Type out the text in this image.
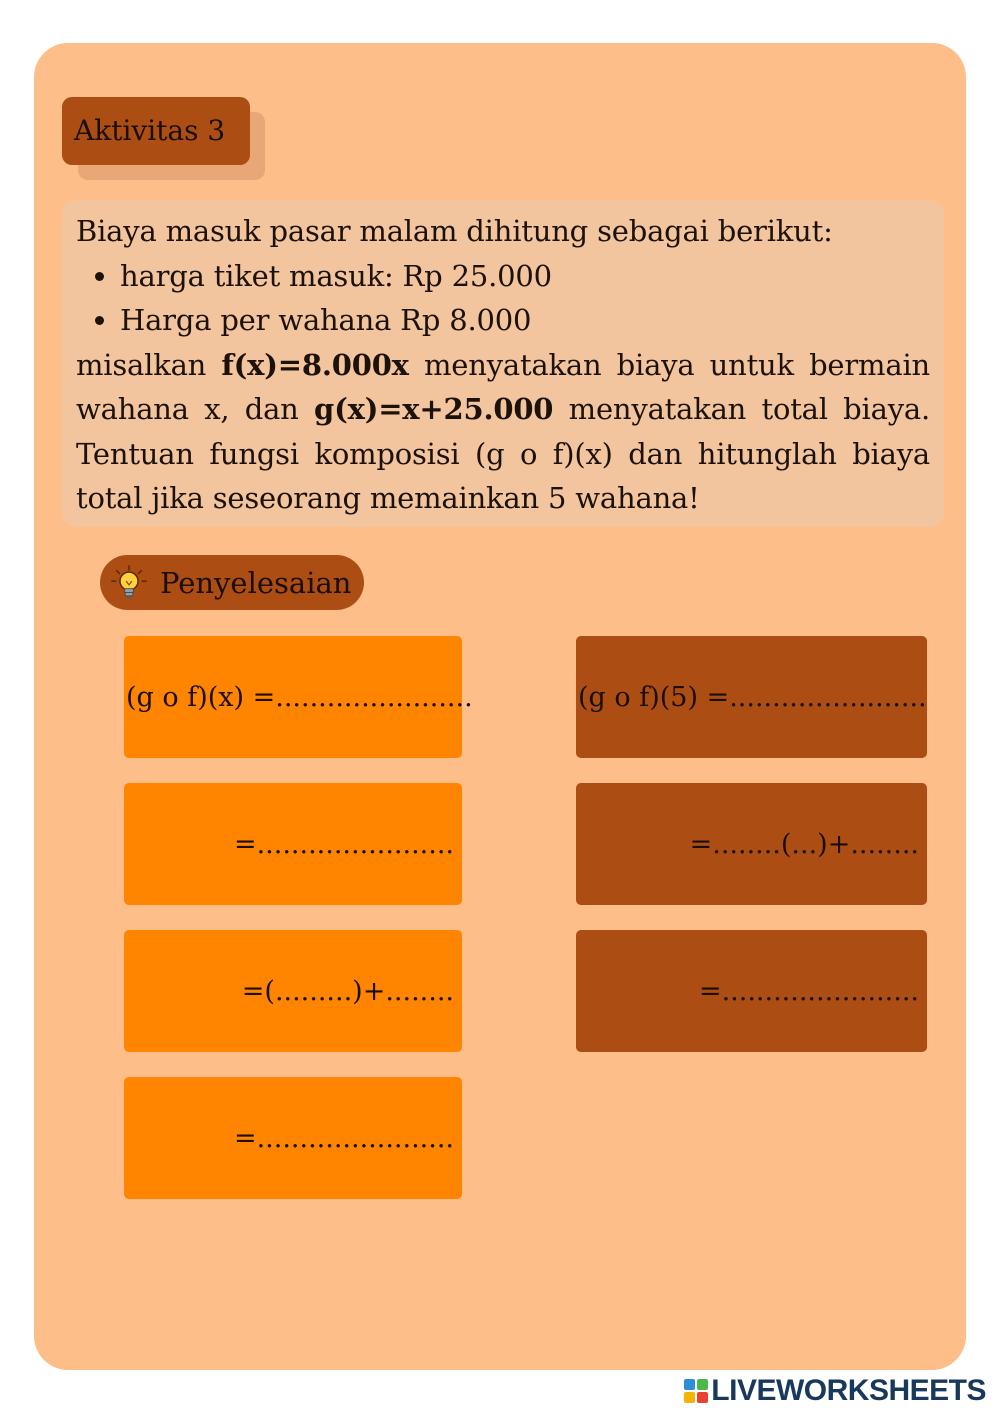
Aktivitas 3
Biaya masuk pasar malam dihitung sebagai berikut:
• harga tiket masuk: Rp 25.000
• Harga per wahana Rp 8.000
misalkan f(x)=8.000x menyatakan biaya untuk bermain wahana x, dan g(x)=x+25.000 menyatakan total biaya. Tentuan fungsi komposisi (g o f)(x) dan hitunglah biaya total jika seseorang memainkan 5 wahana!
Penyelesaian
(g o f)(x) =.......................
=.......................
=(.........)+........
=.......................
(g o f)(5) =.......................
=........(...)+........
=.......................
LIVEWORKSHEETS
